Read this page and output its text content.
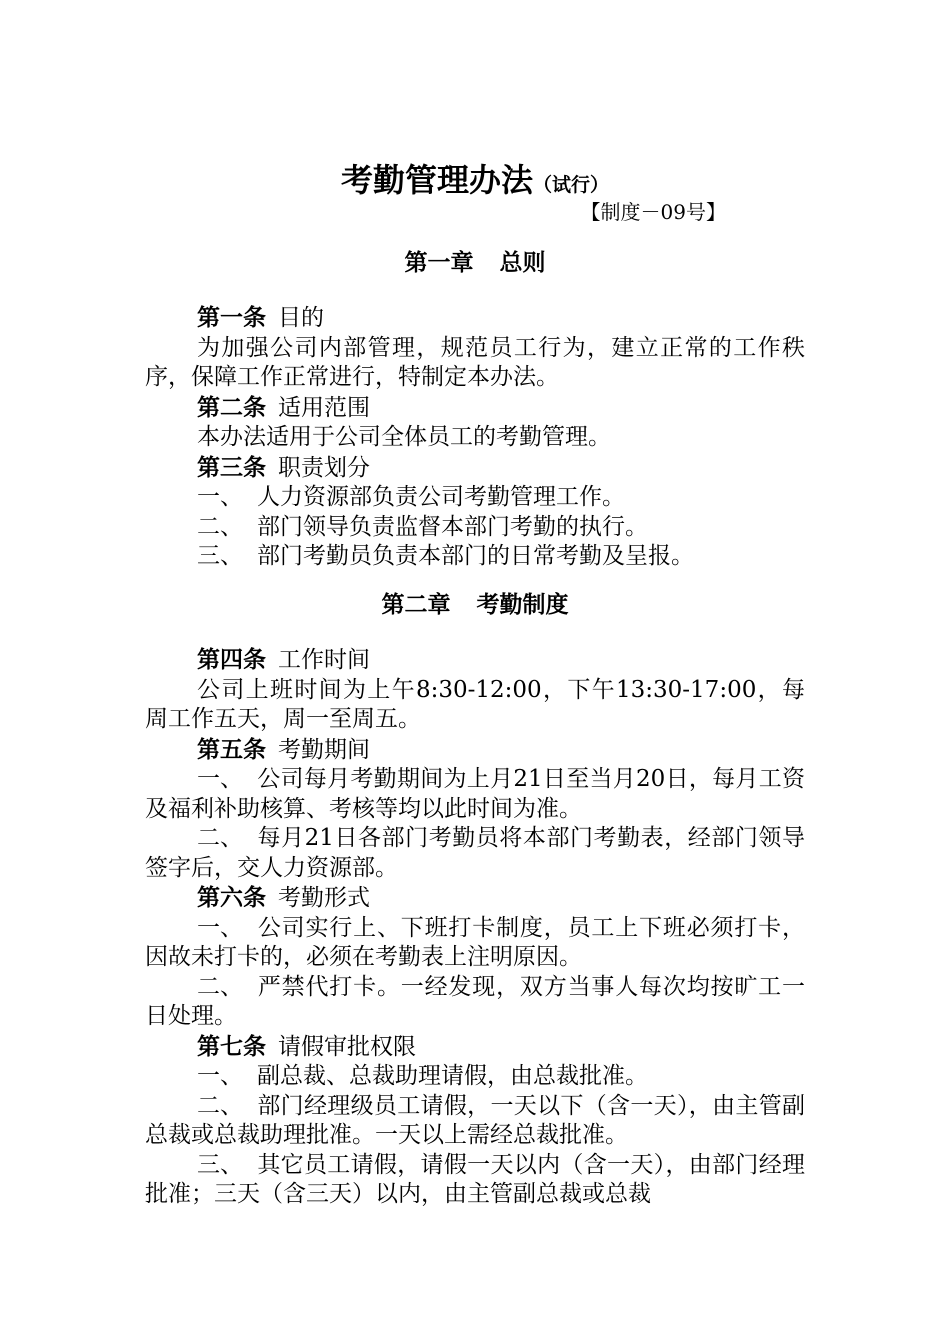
考勤管理办法（试行）
【制度－09号】
第一章 总则

第一条 目的

为加强公司内部管理，规范员工行为，建立正常的工作秩序，保障工作正常进行，特制定本办法。

第二条 适用范围

本办法适用于公司全体员工的考勤管理。

第三条 职责划分

一、 人力资源部负责公司考勤管理工作。

二、 部门领导负责监督本部门考勤的执行。

三、 部门考勤员负责本部门的日常考勤及呈报。

第二章 考勤制度

第四条 工作时间

公司上班时间为上午8:30-12:00，下午13:30-17:00，每周工作五天，周一至周五。

第五条 考勤期间

一、 公司每月考勤期间为上月21日至当月20日，每月工资及福利补助核算、考核等均以此时间为准。

二、 每月21日各部门考勤员将本部门考勤表，经部门领导签字后，交人力资源部。

第六条 考勤形式

一、 公司实行上、下班打卡制度，员工上下班必须打卡，因故未打卡的，必须在考勤表上注明原因。

二、 严禁代打卡。一经发现，双方当事人每次均按旷工一日处理。

第七条 请假审批权限

一、 副总裁、总裁助理请假，由总裁批准。

二、 部门经理级员工请假，一天以下（含一天），由主管副总裁或总裁助理批准。一天以上需经总裁批准。

三、 其它员工请假，请假一天以内（含一天），由部门经理批准；三天（含三天）以内，由主管副总裁或总裁
